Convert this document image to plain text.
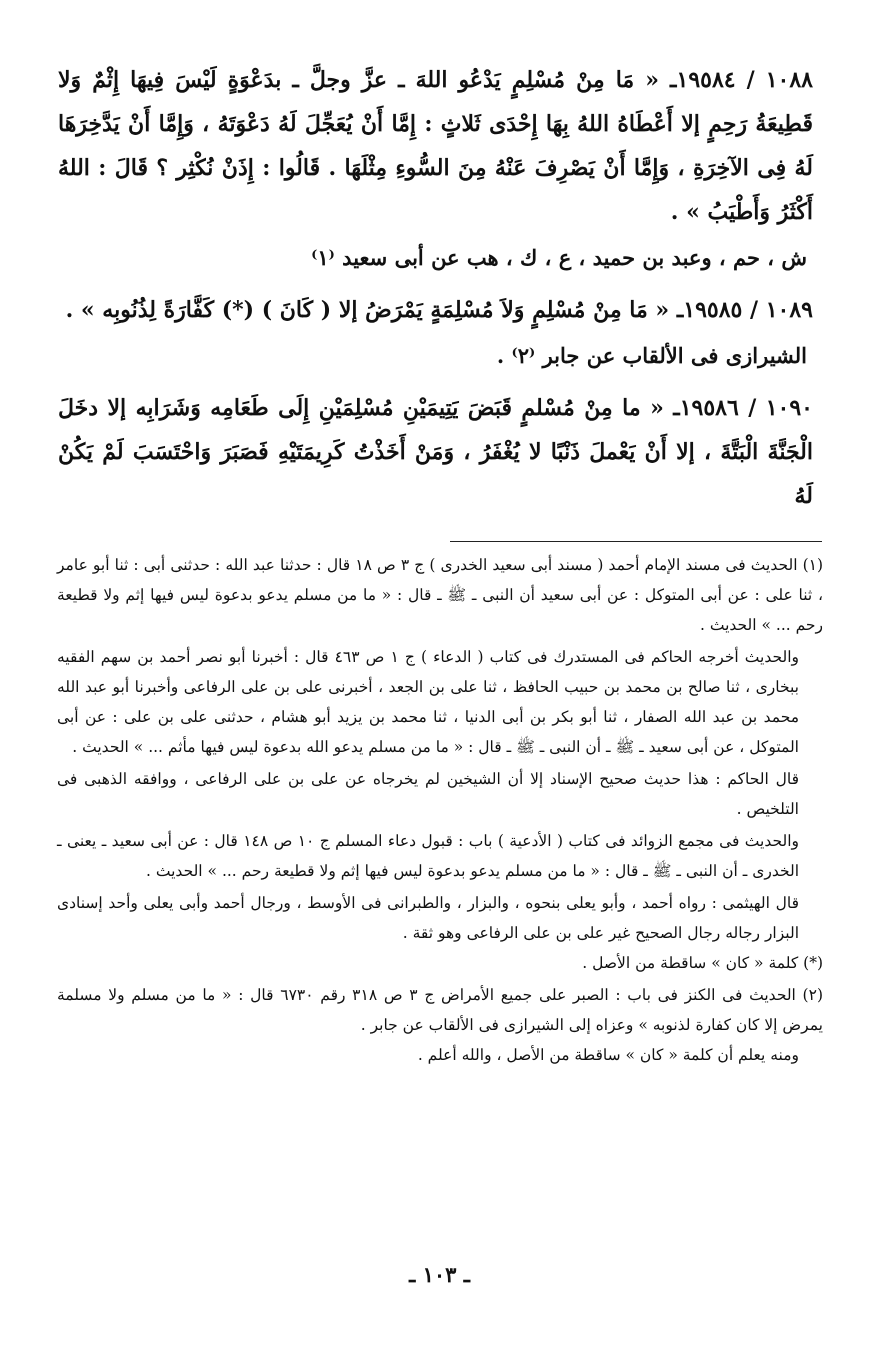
١٠٨٨ / ١٩٥٨٤ـ « مَا مِنْ مُسْلِمٍ يَدْعُو اللهَ ـ عزَّ وجلَّ ـ بدَعْوَةٍ لَيْسَ فِيهَا إِثْمٌ وَلا قَطِيعَةُ رَحِمٍ إلا أَعْطَاهُ اللهُ بِهَا إِحْدَى ثَلاثٍ : إِمَّا أَنْ يُعَجِّلَ لَهُ دَعْوَتَهُ ، وَإِمَّا أَنْ يَدَّخِرَهَا لَهُ فِى الآخِرَةِ ، وَإِمَّا أَنْ يَصْرِفَ عَنْهُ مِنَ السُّوءِ مِثْلَهَا . قَالُوا : إِذَنْ نُكْثِر ؟ قَالَ : اللهُ أَكْثَرُ وَأَطْيَبُ » .

ش ، حم ، وعبد بن حميد ، ع ، ك ، هب عن أبى سعيد ⁽١⁾

١٠٨٩ / ١٩٥٨٥ـ « مَا مِنْ مُسْلِمٍ وَلاَ مُسْلِمَةٍ يَمْرَضُ إلا ( كَانَ ) (*) كَفَّارَةً لِذُنُوبِه » .

الشيرازى فى الألقاب عن جابر ⁽٢⁾ .

١٠٩٠ / ١٩٥٨٦ـ « ما مِنْ مُسْلمٍ قَبَضَ يَتِيمَيْنِ مُسْلِمَيْنِ إِلَى طَعَامِه وَشَرَابِه إلا دخَلَ الْجَنَّةَ الْبَتَّةَ ، إلا أَنْ يَعْملَ ذَنْبًا لا يُغْفَرُ ، وَمَنْ أَخَذْتُ كَرِيمَتَيْهِ فَصَبَرَ وَاحْتَسَبَ لَمْ يَكُنْ لَهُ

(١) الحديث فى مسند الإمام أحمد ( مسند أبى سعيد الخدرى ) ج ٣ ص ١٨ قال : حدثنا عبد الله : حدثنى أبى : ثنا أبو عامر ، ثنا على : عن أبى المتوكل : عن أبى سعيد أن النبى ـ ﷺ ـ قال : « ما من مسلم يدعو بدعوة ليس فيها إثم ولا قطيعة رحم ... » الحديث .

والحديث أخرجه الحاكم فى المستدرك فى كتاب ( الدعاء ) ج ١ ص ٤٦٣ قال : أخبرنا أبو نصر أحمد بن سهم الفقيه ببخارى ، ثنا صالح بن محمد بن حبيب الحافظ ، ثنا على بن الجعد ، أخبرنى على بن على الرفاعى وأخبرنا أبو عبد الله محمد بن عبد الله الصفار ، ثنا أبو بكر بن أبى الدنيا ، ثنا محمد بن يزيد أبو هشام ، حدثنى على بن على : عن أبى المتوكل ، عن أبى سعيد ـ ﷺ ـ أن النبى ـ ﷺ ـ قال : « ما من مسلم يدعو الله بدعوة ليس فيها مأثم ... » الحديث .

قال الحاكم : هذا حديث صحيح الإسناد إلا أن الشيخين لم يخرجاه عن على بن على الرفاعى ، ووافقه الذهبى فى التلخيص .

والحديث فى مجمع الزوائد فى كتاب ( الأدعية ) باب : قبول دعاء المسلم ج ١٠ ص ١٤٨ قال : عن أبى سعيد ـ يعنى ـ الخدرى ـ أن النبى ـ ﷺ ـ قال : « ما من مسلم يدعو بدعوة ليس فيها إثم ولا قطيعة رحم ... » الحديث .

قال الهيثمى : رواه أحمد ، وأبو يعلى بنحوه ، والبزار ، والطبرانى فى الأوسط ، ورجال أحمد وأبى يعلى وأحد إسنادى البزار رجاله رجال الصحيح غير على بن على الرفاعى وهو ثقة .

(*) كلمة « كان » ساقطة من الأصل .

(٢) الحديث فى الكنز فى باب : الصبر على جميع الأمراض ج ٣ ص ٣١٨ رقم ٦٧٣٠ قال : « ما من مسلم ولا مسلمة يمرض إلا كان كفارة لذنوبه » وعزاه إلى الشيرازى فى الألقاب عن جابر .

ومنه يعلم أن كلمة « كان » ساقطة من الأصل ، والله أعلم .

ـ ١٠٣ ـ
